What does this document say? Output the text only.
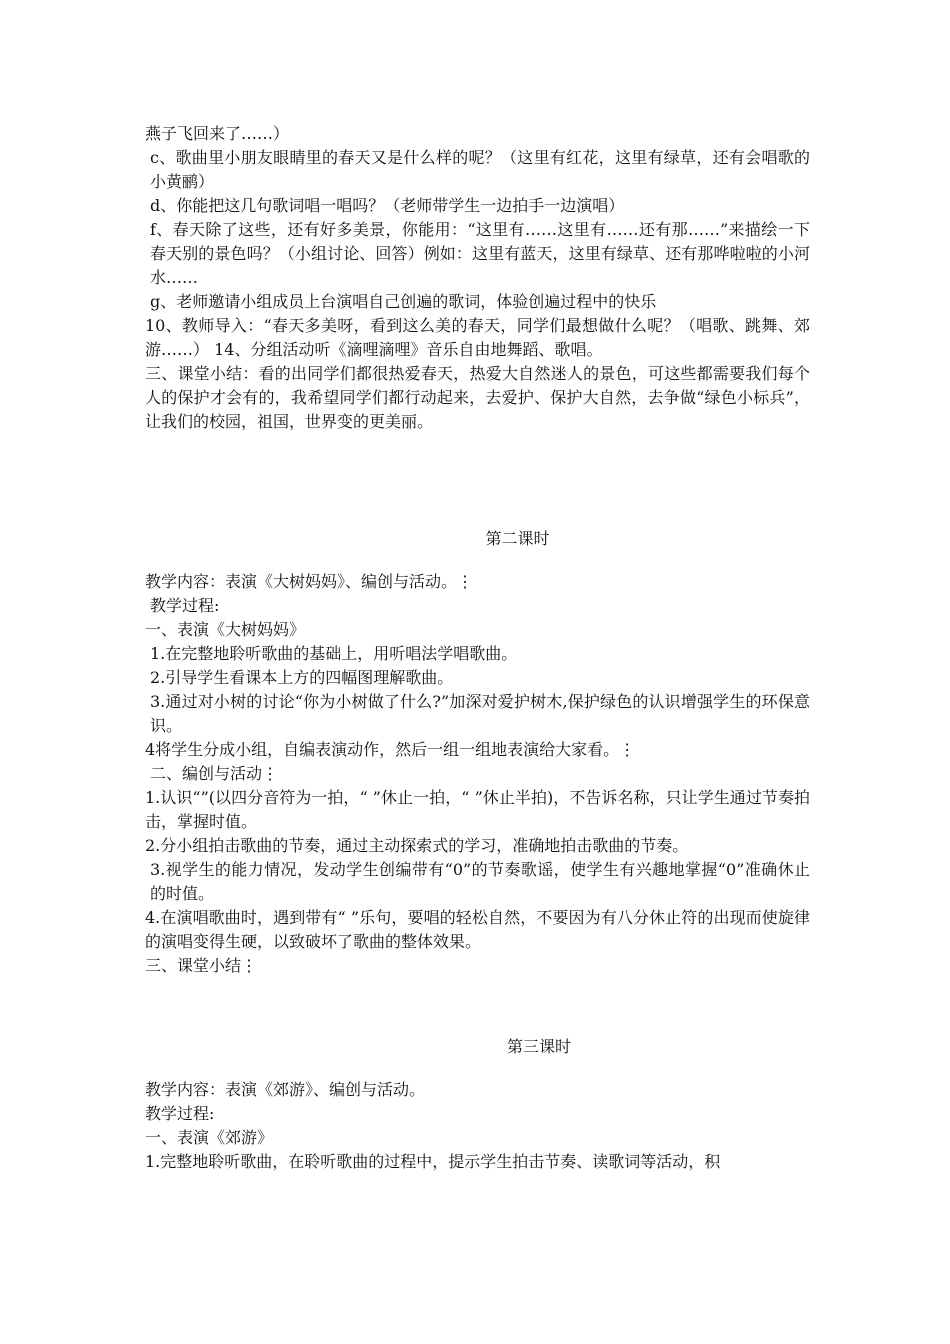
燕子飞回来了……）

c、歌曲里小朋友眼睛里的春天又是什么样的呢？（这里有红花，这里有绿草，还有会唱歌的小黄鹂）

d、你能把这几句歌词唱一唱吗？（老师带学生一边拍手一边演唱）

f、春天除了这些，还有好多美景，你能用：“这里有……这里有……还有那……”来描绘一下春天别的景色吗？（小组讨论、回答）例如：这里有蓝天，这里有绿草、还有那哗啦啦的小河水……

g、老师邀请小组成员上台演唱自己创遍的歌词，体验创遍过程中的快乐

10、教师导入：“春天多美呀，看到这么美的春天，同学们最想做什么呢？（唱歌、跳舞、郊游……） 14、分组活动听《滴哩滴哩》音乐自由地舞蹈、歌唱。

三、课堂小结：看的出同学们都很热爱春天，热爱大自然迷人的景色，可这些都需要我们每个人的保护才会有的，我希望同学们都行动起来，去爱护、保护大自然，去争做“绿色小标兵”，让我们的校园，祖国，世界变的更美丽。

第二课时

教学内容：表演《大树妈妈》、编创与活动。⋮

教学过程:

一、表演《大树妈妈》

1.在完整地聆听歌曲的基础上，用听唱法学唱歌曲。

2.引导学生看课本上方的四幅图理解歌曲。

3.通过对小树的讨论“你为小树做了什么?”加深对爱护树木,保护绿色的认识增强学生的环保意识。

4将学生分成小组，自编表演动作，然后一组一组地表演给大家看。⋮

二、编创与活动⋮

1.认识“”(以四分音符为一拍，“ ”休止一拍，“ ”休止半拍)，不告诉名称，只让学生通过节奏拍击，掌握时值。

2.分小组拍击歌曲的节奏，通过主动探索式的学习，准确地拍击歌曲的节奏。

3.视学生的能力情况，发动学生创编带有“0”的节奏歌谣，使学生有兴趣地掌握“0”准确休止的时值。

4.在演唱歌曲时，遇到带有“ ”乐句，要唱的轻松自然，不要因为有八分休止符的出现而使旋律的演唱变得生硬，以致破坏了歌曲的整体效果。

三、课堂小结⋮

第三课时

教学内容：表演《郊游》、编创与活动。

教学过程:

一、表演《郊游》

1.完整地聆听歌曲，在聆听歌曲的过程中，提示学生拍击节奏、读歌词等活动，积
